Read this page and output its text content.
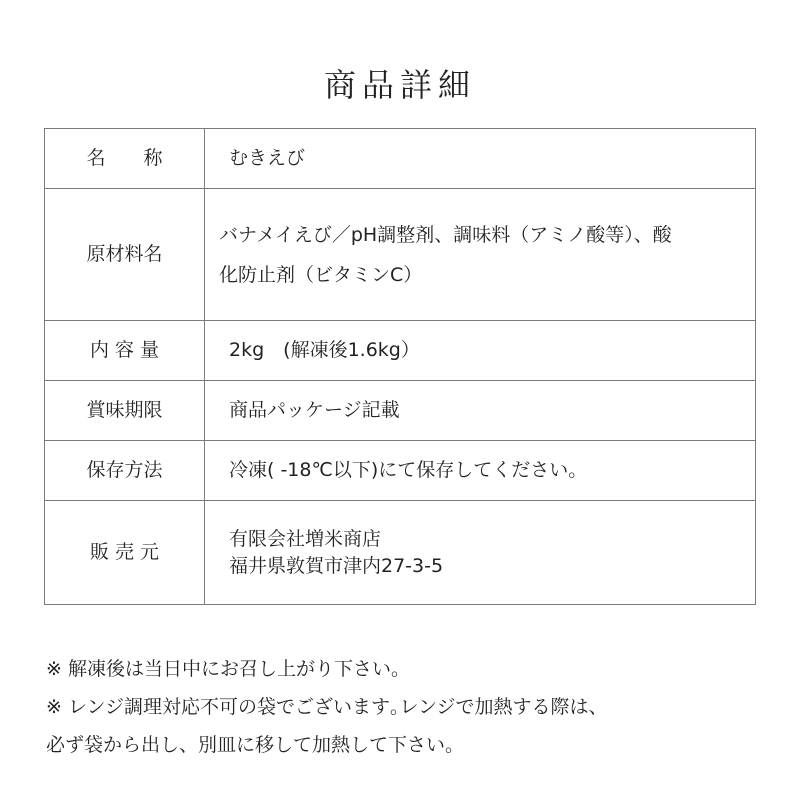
商品詳細
名　　称	むきえび

原材料名	バナメイえび／pH調整剤、調味料（アミノ酸等）、酸
化防止剤（ビタミンC）

内 容 量	2kg　(解凍後1.6kg）

賞味期限	商品パッケージ記載

保存方法	冷凍( -18℃以下)にて保存してください。

販 売 元	有限会社増米商店
福井県敦賀市津内27-3-5
※ 解凍後は当日中にお召し上がり下さい。
※ レンジ調理対応不可の袋でございます｡レンジで加熱する際は、
必ず袋から出し、別皿に移して加熱して下さい。
